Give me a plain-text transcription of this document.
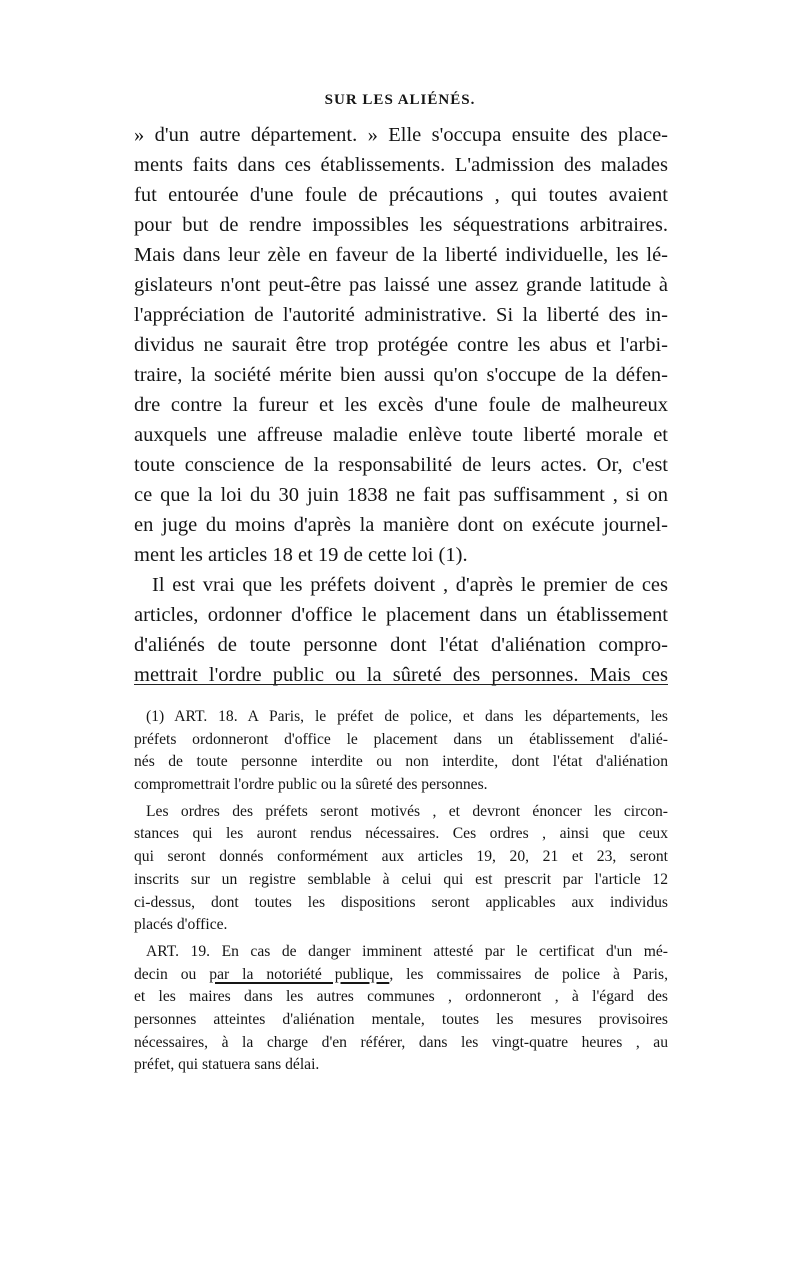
SUR LES ALIÉNÉS.
» d'un autre département. » Elle s'occupa ensuite des place-
ments faits dans ces établissements. L'admission des malades
fut entourée d'une foule de précautions , qui toutes avaient
pour but de rendre impossibles les séquestrations arbitraires.
Mais dans leur zèle en faveur de la liberté individuelle, les lé-
gislateurs n'ont peut-être pas laissé une assez grande latitude à
l'appréciation de l'autorité administrative. Si la liberté des in-
dividus ne saurait être trop protégée contre les abus et l'arbi-
traire, la société mérite bien aussi qu'on s'occupe de la défen-
dre contre la fureur et les excès d'une foule de malheureux
auxquels une affreuse maladie enlève toute liberté morale et
toute conscience de la responsabilité de leurs actes. Or, c'est
ce que la loi du 30 juin 1838 ne fait pas suffisamment , si on
en juge du moins d'après la manière dont on exécute journel-
ment les articles 18 et 19 de cette loi (1).
Il est vrai que les préfets doivent , d'après le premier de ces
articles, ordonner d'office le placement dans un établissement
d'aliénés de toute personne dont l'état d'aliénation compro-
mettrait l'ordre public ou la sûreté des personnes. Mais ces
(1) ART. 18. A Paris, le préfet de police, et dans les départements, les
préfets ordonneront d'office le placement dans un établissement d'alié-
nés de toute personne interdite ou non interdite, dont l'état d'aliénation
compromettrait l'ordre public ou la sûreté des personnes.
Les ordres des préfets seront motivés , et devront énoncer les circon-
stances qui les auront rendus nécessaires. Ces ordres , ainsi que ceux
qui seront donnés conformément aux articles 19, 20, 21 et 23, seront
inscrits sur un registre semblable à celui qui est prescrit par l'article 12
ci-dessus, dont toutes les dispositions seront applicables aux individus
placés d'office.
ART. 19. En cas de danger imminent attesté par le certificat d'un mé-
decin ou par la notoriété publique, les commissaires de police à Paris,
et les maires dans les autres communes , ordonneront , à l'égard des
personnes atteintes d'aliénation mentale, toutes les mesures provisoires
nécessaires, à la charge d'en référer, dans les vingt-quatre heures , au
préfet, qui statuera sans délai.
